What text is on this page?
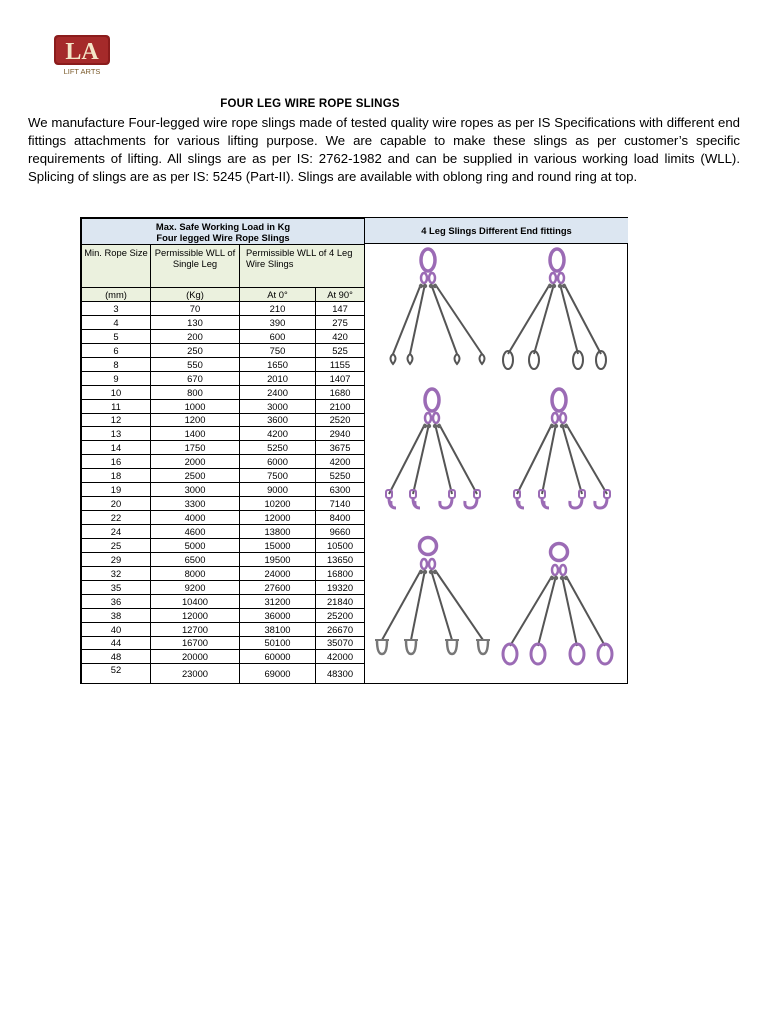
LA
LIFT ARTS
FOUR LEG WIRE ROPE SLINGS

We manufacture Four-legged wire rope slings made of tested quality wire ropes as per IS Specifications with different end fittings attachments for various lifting purpose. We are capable to make these slings as per customer’s specific requirements of lifting. All slings are as per IS: 2762-1982 and can be supplied in various working load limits (WLL). Splicing of slings are as per IS: 5245 (Part-II). Slings are available with oblong ring and round ring at top.

Max. Safe Working Load in Kg
Four legged Wire Rope Slings			

Min. Rope Size	Permissible WLL of Single Leg	Permissible WLL of 4 Leg Wire Slings	
(mm)	(Kg)	At 0°	At 90°
3	70	210	147
4	130	390	275
5	200	600	420
6	250	750	525
8	550	1650	1155
9	670	2010	1407
10	800	2400	1680
11	1000	3000	2100
12	1200	3600	2520
13	1400	4200	2940
14	1750	5250	3675
16	2000	6000	4200
18	2500	7500	5250
19	3000	9000	6300
20	3300	10200	7140
22	4000	12000	8400
24	4600	13800	9660
25	5000	15000	10500
29	6500	19500	13650
32	8000	24000	16800
35	9200	27600	19320
36	10400	31200	21840
38	12000	36000	25200
40	12700	38100	26670
44	16700	50100	35070
48	20000	60000	42000
52	23000	69000	48300
4 Leg Slings Different End fittings
